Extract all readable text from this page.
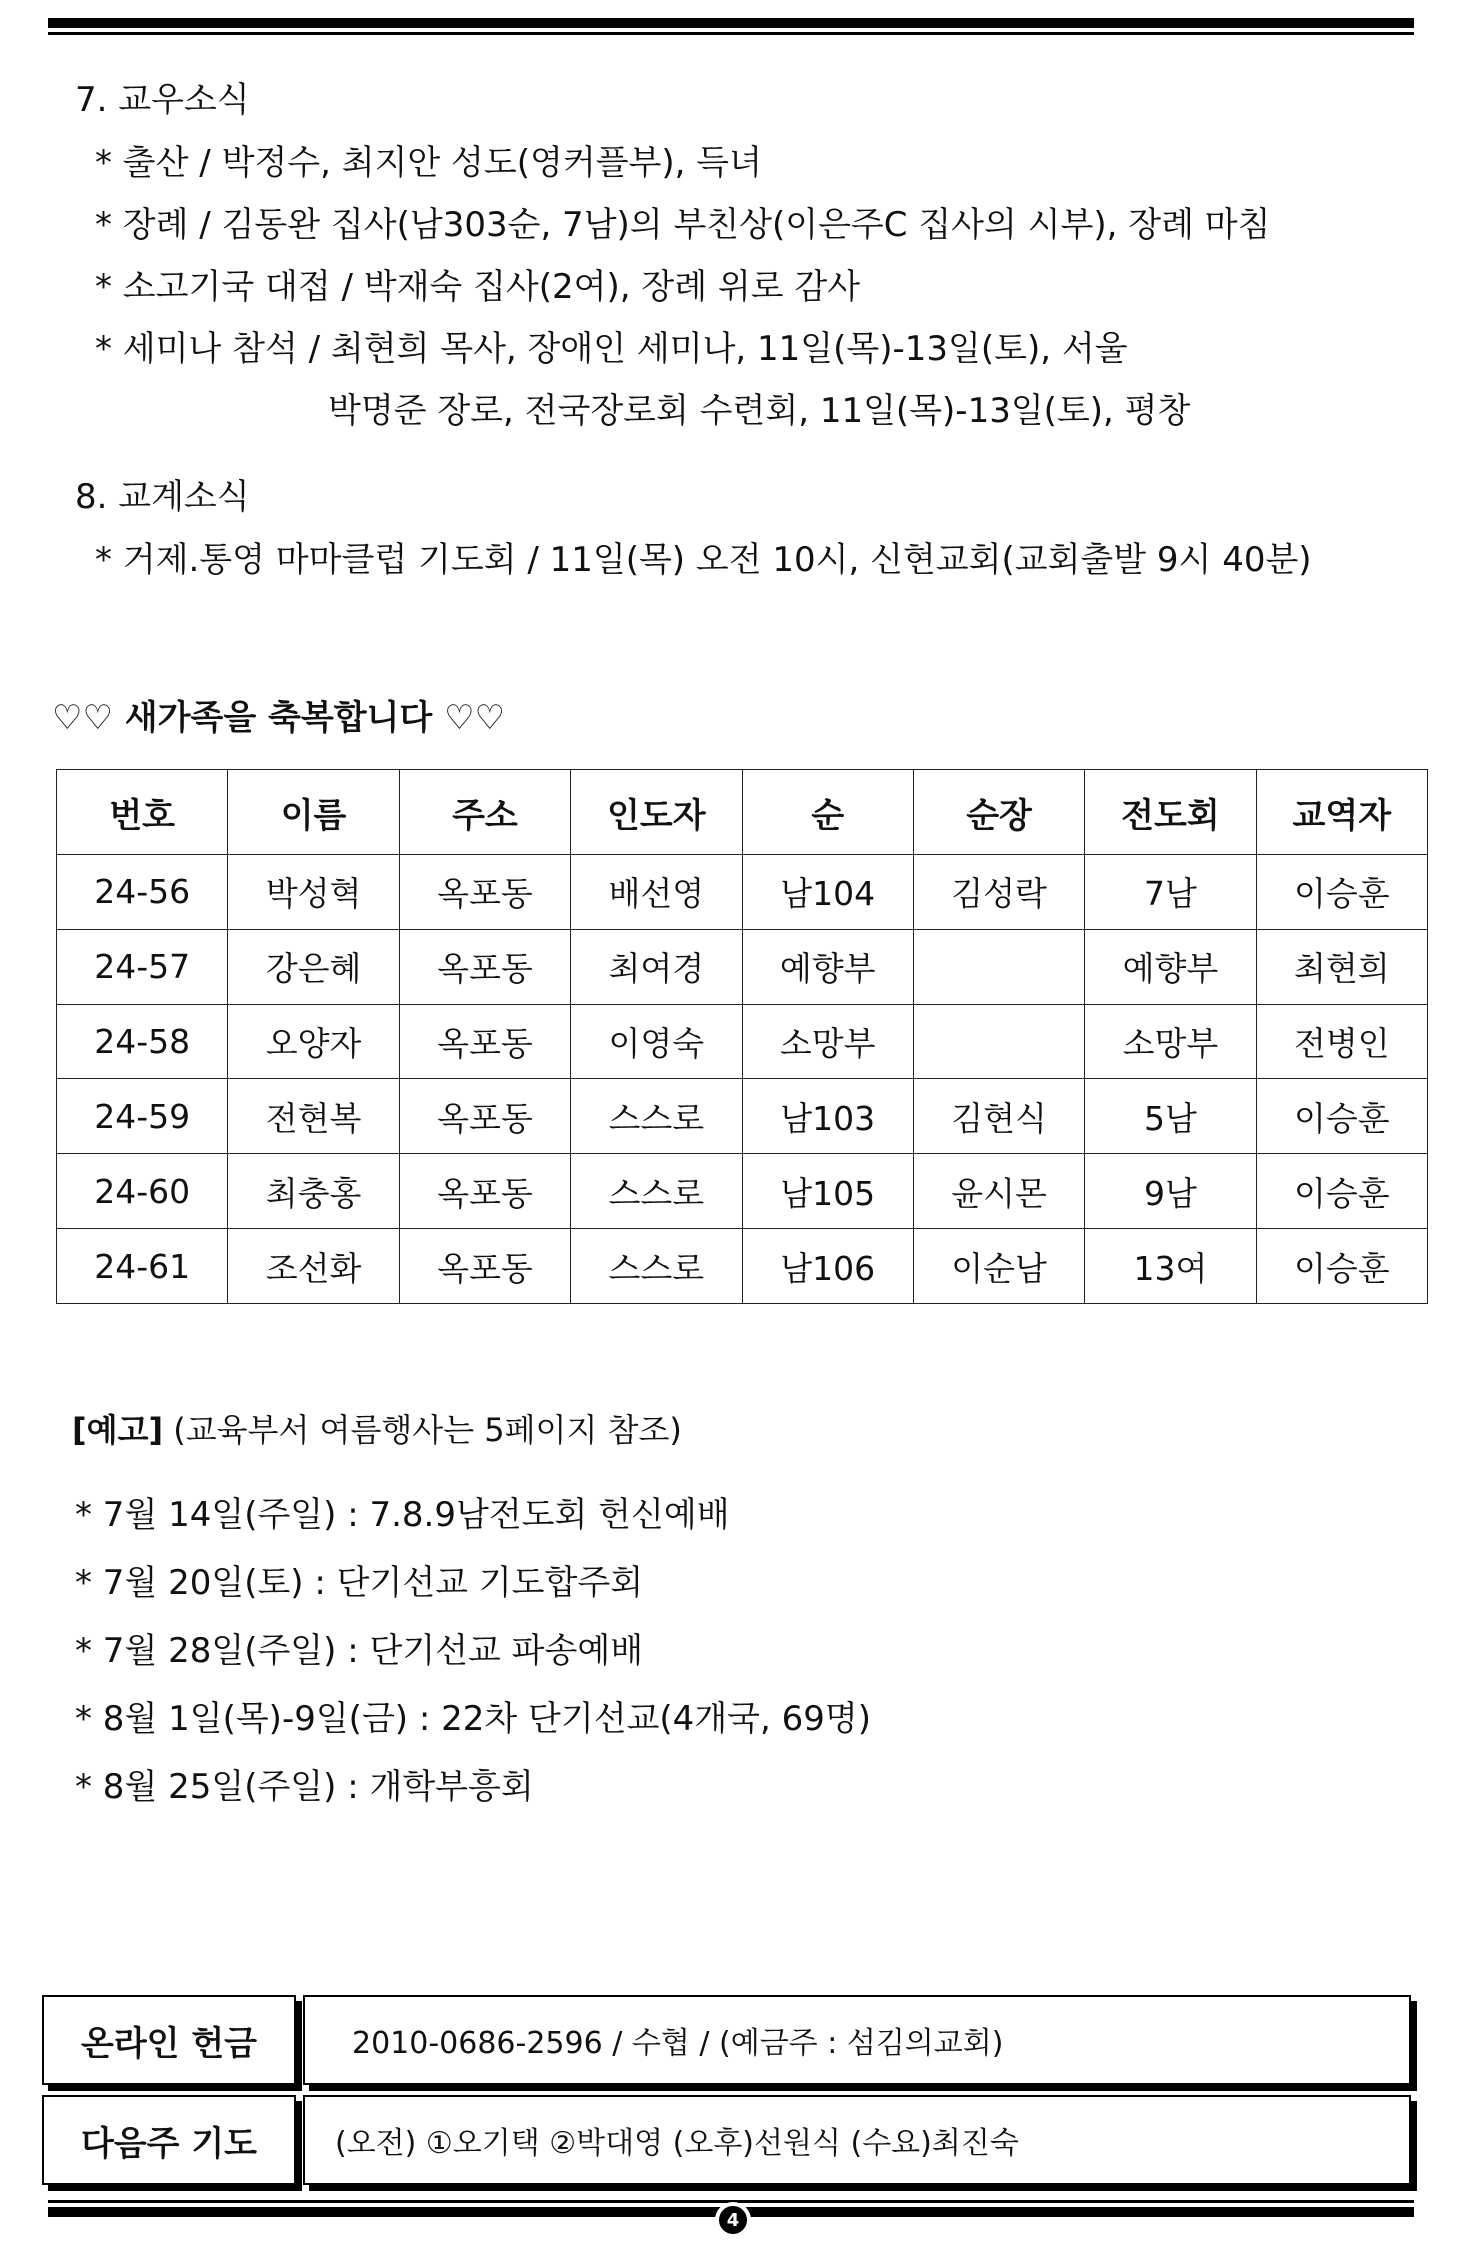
7. 교우소식
* 출산 / 박정수, 최지안 성도(영커플부), 득녀
* 장례 / 김동완 집사(남303순, 7남)의 부친상(이은주C 집사의 시부), 장례 마침
* 소고기국 대접 / 박재숙 집사(2여), 장례 위로 감사
* 세미나 참석 / 최현희 목사, 장애인 세미나, 11일(목)-13일(토), 서울
박명준 장로, 전국장로회 수련회, 11일(목)-13일(토), 평창
8. 교계소식
* 거제.통영 마마클럽 기도회 / 11일(목) 오전 10시, 신현교회(교회출발 9시 40분)
♡♡ 새가족을 축복합니다 ♡♡
번호	이름	주소	인도자	순	순장	전도회	교역자
24-56	박성혁	옥포동	배선영	남104	김성락	7남	이승훈
24-57	강은혜	옥포동	최여경	예향부		예향부	최현희
24-58	오양자	옥포동	이영숙	소망부		소망부	전병인
24-59	전현복	옥포동	스스로	남103	김현식	5남	이승훈
24-60	최충홍	옥포동	스스로	남105	윤시몬	9남	이승훈
24-61	조선화	옥포동	스스로	남106	이순남	13여	이승훈
[예고] (교육부서 여름행사는 5페이지 참조)
* 7월 14일(주일) : 7.8.9남전도회 헌신예배
* 7월 20일(토) : 단기선교 기도합주회
* 7월 28일(주일) : 단기선교 파송예배
* 8월 1일(목)-9일(금) : 22차 단기선교(4개국, 69명)
* 8월 25일(주일) : 개학부흥회
온라인 헌금	2010-0686-2596 / 수협 / (예금주 : 섬김의교회)
다음주 기도	(오전) ①오기택 ②박대영 (오후)선원식 (수요)최진숙
4
